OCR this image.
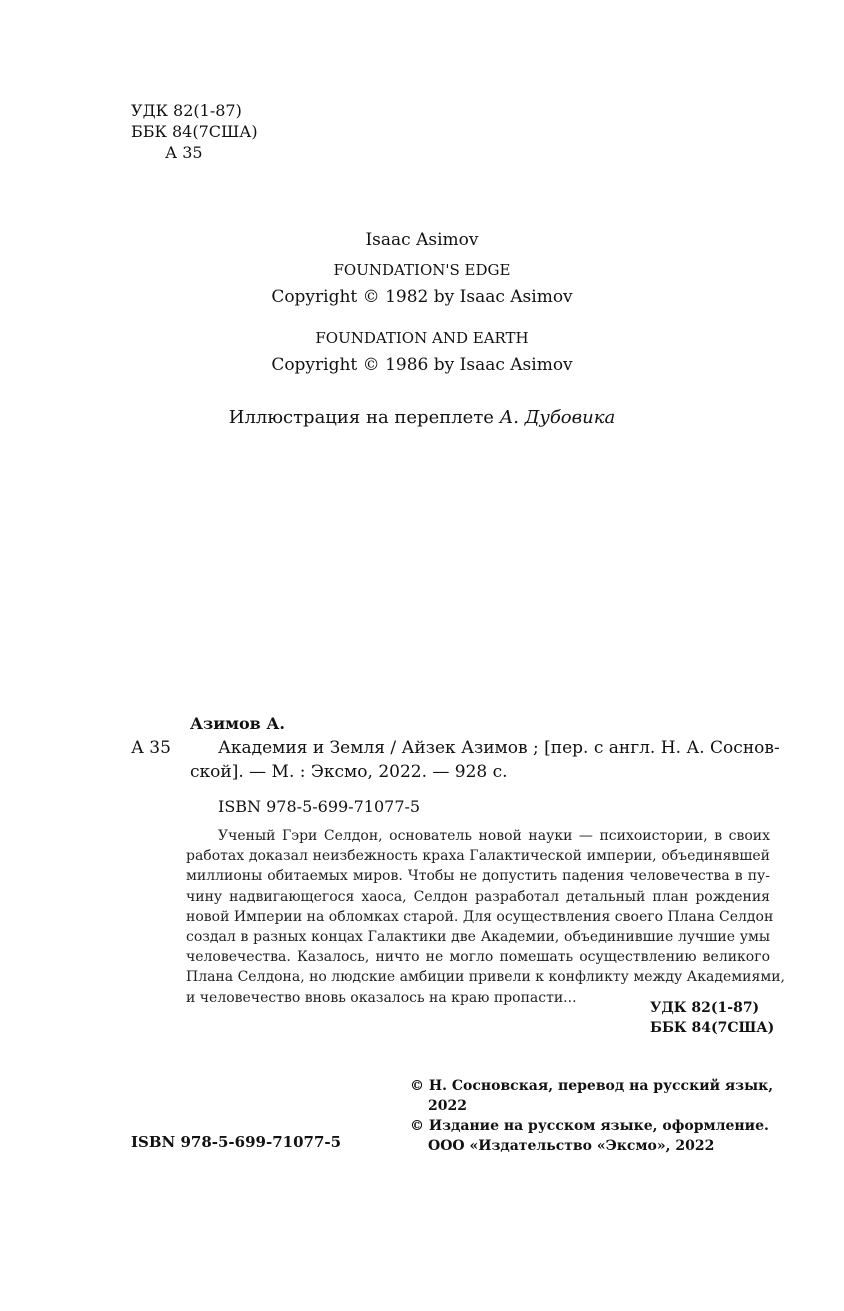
УДК 82(1-87)
ББК 84(7США)
А 35
Isaac Asimov
FOUNDATION'S EDGE
Copyright © 1982 by Isaac Asimov
FOUNDATION AND EARTH
Copyright © 1986 by Isaac Asimov
Иллюстрация на переплете А. Дубовика
Азимов А.
А 35	Академия и Земля / Айзек Азимов ; [пер. с англ. Н. А. Соснов-
ской]. — М. : Эксмо, 2022. — 928 с.
ISBN 978-5-699-71077-5
Ученый Гэри Селдон, основатель новой науки — психоистории, в своих
работах доказал неизбежность краха Галактической империи, объединявшей
миллионы обитаемых миров. Чтобы не допустить падения человечества в пу-
чину надвигающегося хаоса, Селдон разработал детальный план рождения
новой Империи на обломках старой. Для осуществления своего Плана Селдон
создал в разных концах Галактики две Академии, объединившие лучшие умы
человечества. Казалось, ничто не могло помешать осуществлению великого
Плана Селдона, но людские амбиции привели к конфликту между Академиями,
и человечество вновь оказалось на краю пропасти...
УДК 82(1-87)
ББК 84(7США)
ISBN 978-5-699-71077-5
© Н. Сосновская, перевод на русский язык, 2022
© Издание на русском языке, оформление. ООО «Издательство «Эксмо», 2022
